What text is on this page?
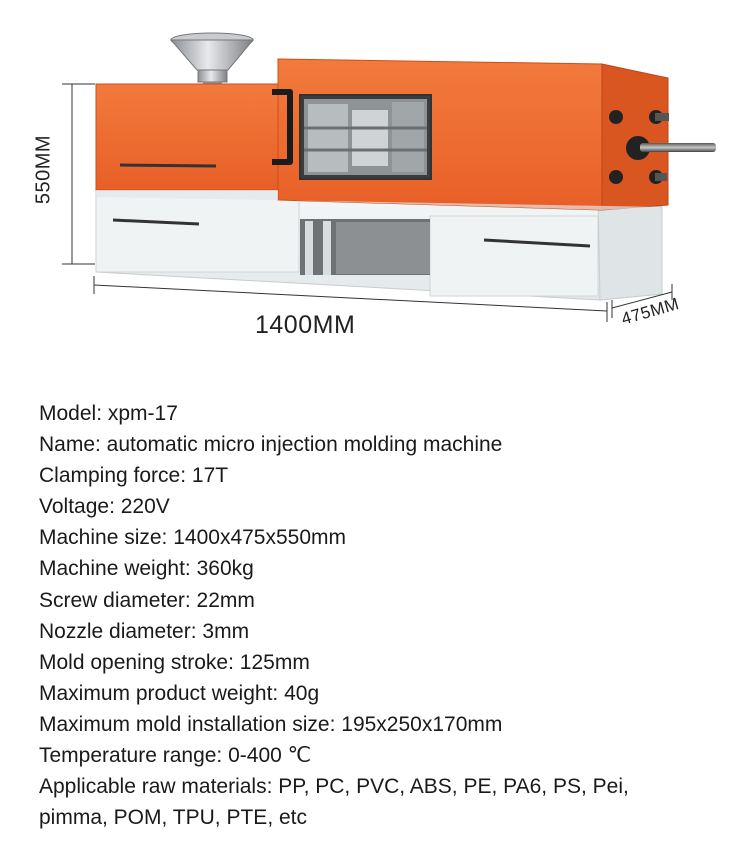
550MM
1400MM	475MM
Model: xpm-17
Name: automatic micro injection molding machine
Clamping force: 17T
Voltage: 220V
Machine size: 1400x475x550mm
Machine weight: 360kg
Screw diameter: 22mm
Nozzle diameter: 3mm
Mold opening stroke: 125mm
Maximum product weight: 40g
Maximum mold installation size: 195x250x170mm
Temperature range: 0-400 ℃
Applicable raw materials: PP, PC, PVC, ABS, PE, PA6, PS, Pei,
pimma, POM, TPU, PTE, etc
